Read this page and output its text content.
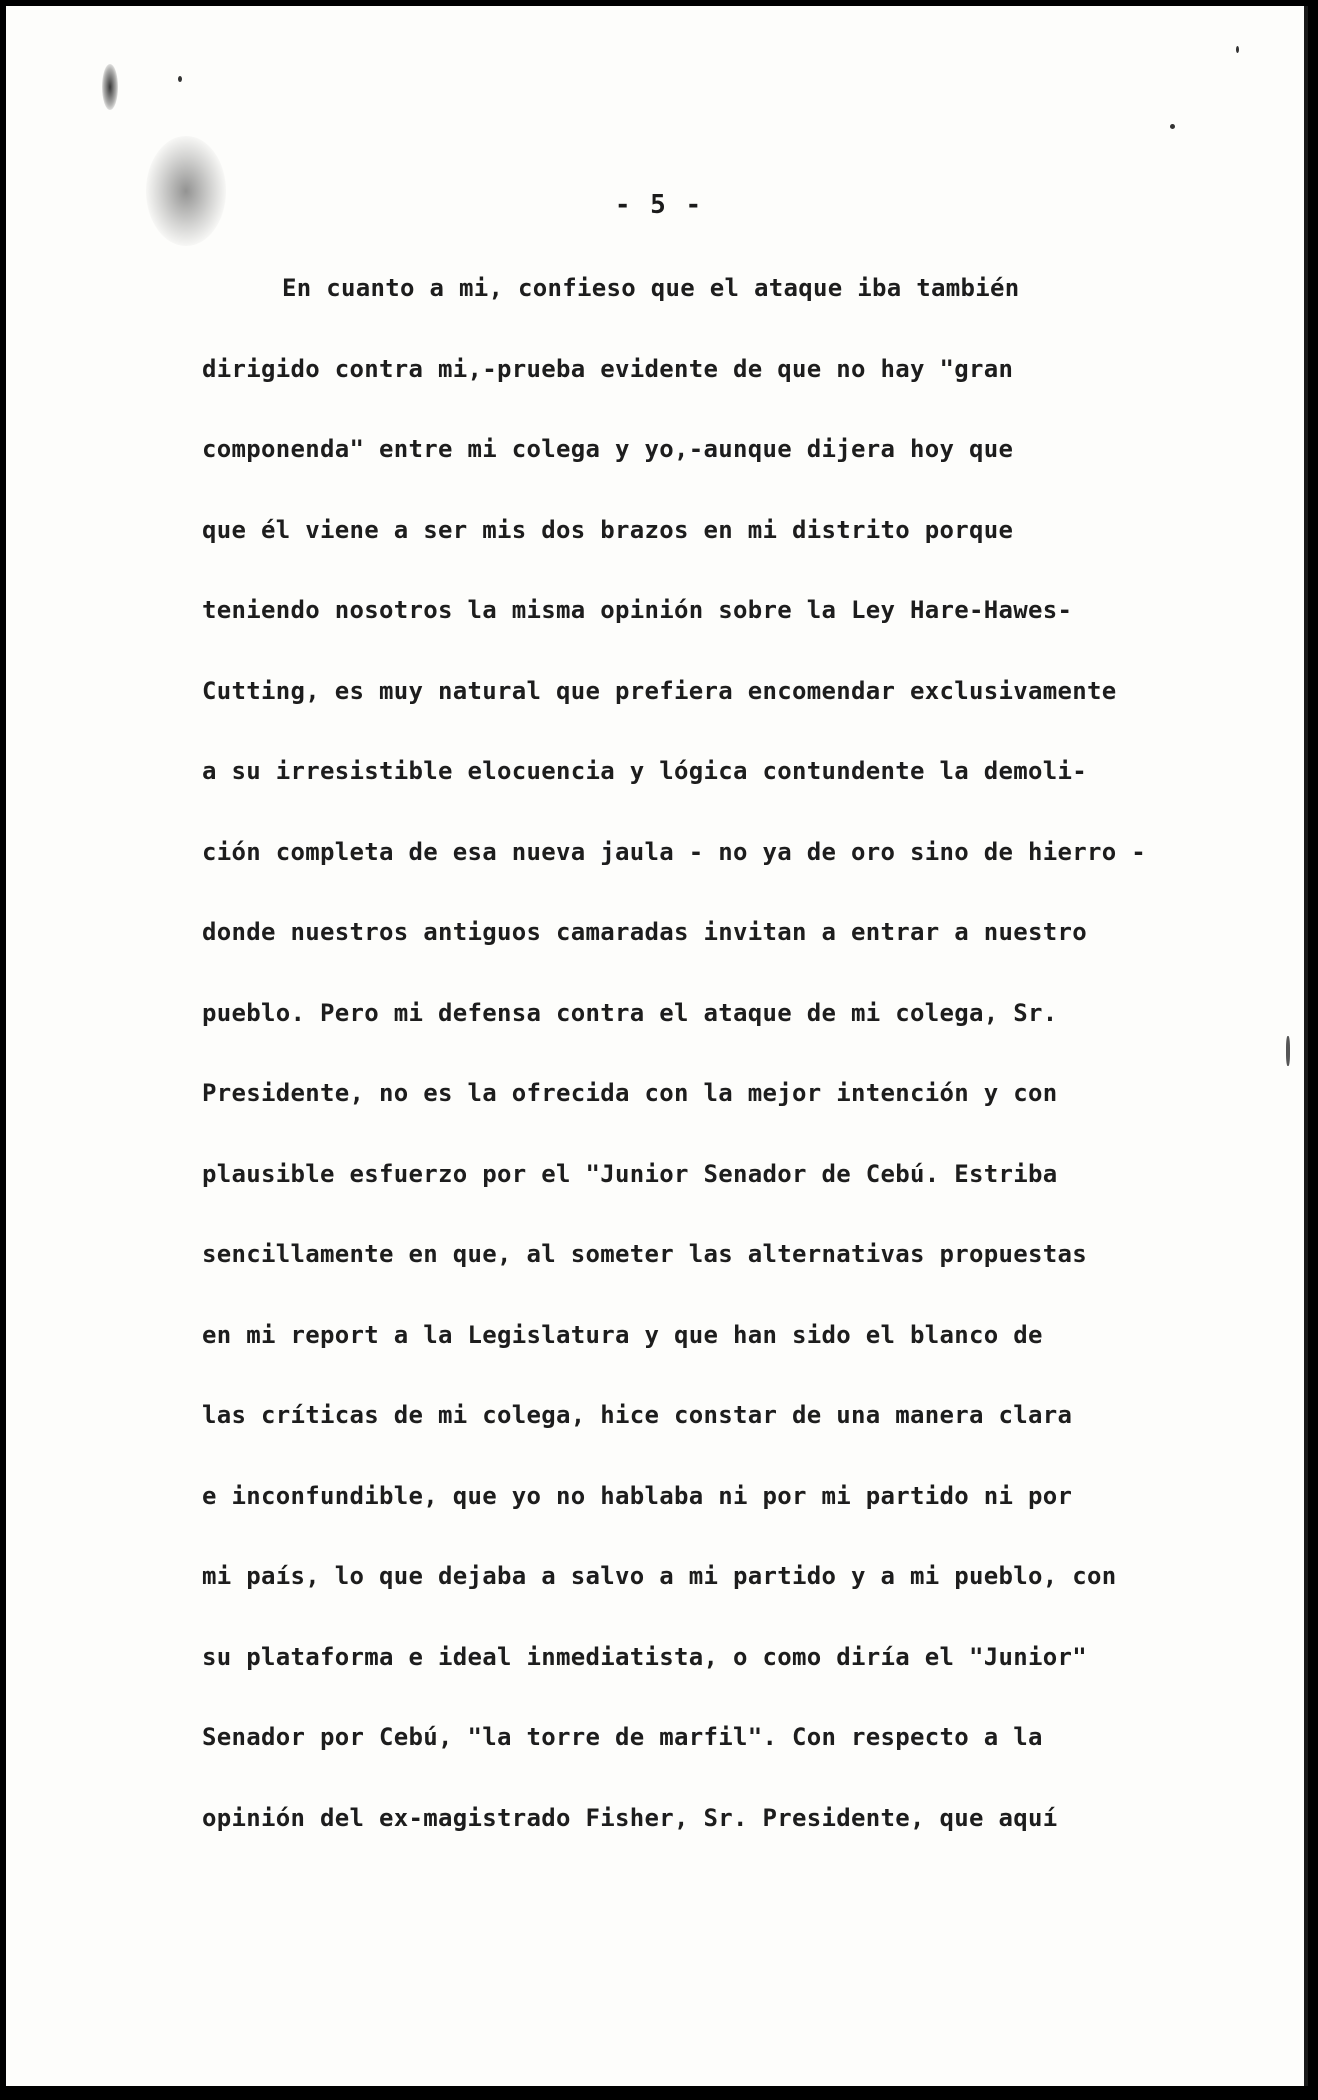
- 5 -
En cuanto a mi, confieso que el ataque iba también
dirigido contra mi,-prueba evidente de que no hay "gran
componenda" entre mi colega y yo,-aunque dijera hoy que
que él viene a ser mis dos brazos en mi distrito porque
teniendo nosotros la misma opinión sobre la Ley Hare-Hawes-
Cutting, es muy natural que prefiera encomendar exclusivamente
a su irresistible elocuencia y lógica contundente la demoli-
ción completa de esa nueva jaula - no ya de oro sino de hierro -
donde nuestros antiguos camaradas invitan a entrar a nuestro
pueblo. Pero mi defensa contra el ataque de mi colega, Sr.
Presidente, no es la ofrecida con la mejor intención y con
plausible esfuerzo por el "Junior Senador de Cebú. Estriba
sencillamente en que, al someter las alternativas propuestas
en mi report a la Legislatura y que han sido el blanco de
las críticas de mi colega, hice constar de una manera clara
e inconfundible, que yo no hablaba ni por mi partido ni por
mi país, lo que dejaba a salvo a mi partido y a mi pueblo, con
su plataforma e ideal inmediatista, o como diría el "Junior"
Senador por Cebú, "la torre de marfil". Con respecto a la
opinión del ex-magistrado Fisher, Sr. Presidente, que aquí
